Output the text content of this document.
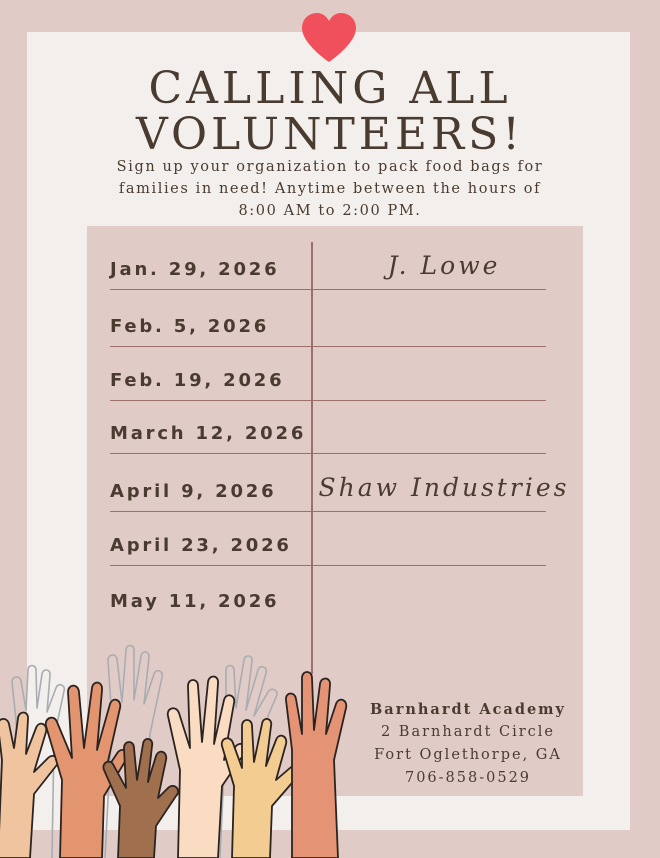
CALLING ALL
VOLUNTEERS!
Sign up your organization to pack food bags for
families in need! Anytime between the hours of
8:00 AM to 2:00 PM.
Jan. 29, 2026	J. Lowe
Feb. 5, 2026
Feb. 19, 2026
March 12, 2026
April 9, 2026 Shaw Industries
April 23, 2026
May 11, 2026
Barnhardt Academy
2 Barnhardt Circle
Fort Oglethorpe, GA
706-858-0529
